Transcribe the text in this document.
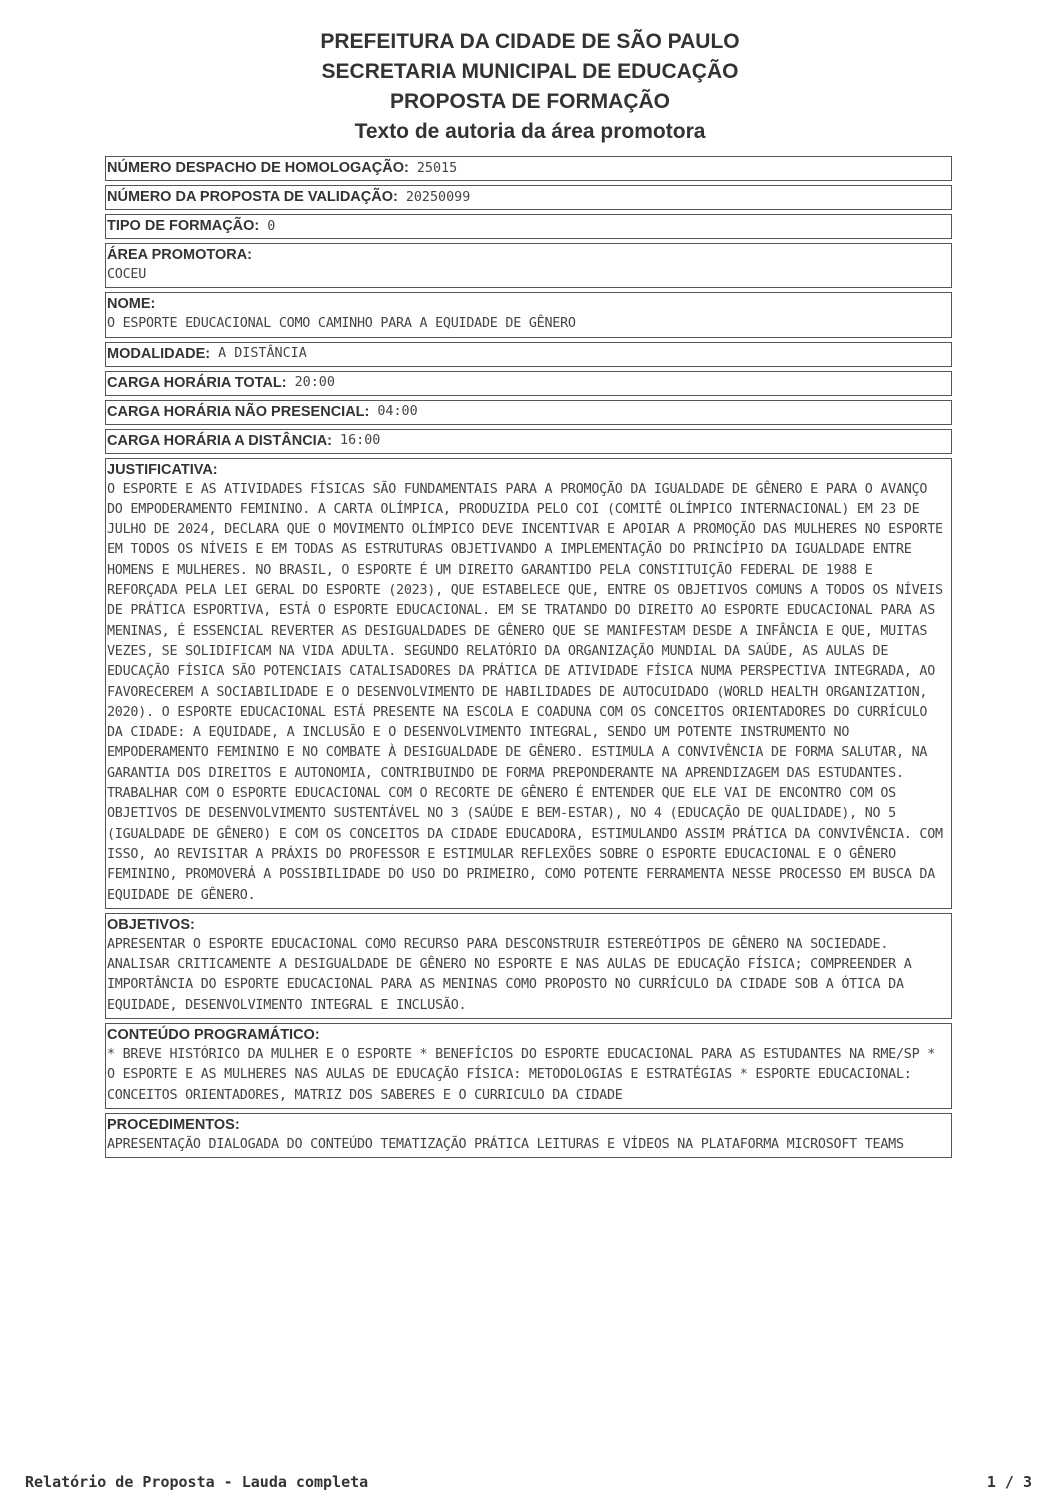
PREFEITURA DA CIDADE DE SÃO PAULO
SECRETARIA MUNICIPAL DE EDUCAÇÃO
PROPOSTA DE FORMAÇÃO
Texto de autoria da área promotora
NÚMERO DESPACHO DE HOMOLOGAÇÃO: 25015
NÚMERO DA PROPOSTA DE VALIDAÇÃO: 20250099
TIPO DE FORMAÇÃO: 0
ÁREA PROMOTORA:
COCEU
NOME:
O ESPORTE EDUCACIONAL COMO CAMINHO PARA A EQUIDADE DE GÊNERO
MODALIDADE: A DISTÂNCIA
CARGA HORÁRIA TOTAL: 20:00
CARGA HORÁRIA NÃO PRESENCIAL: 04:00
CARGA HORÁRIA A DISTÂNCIA: 16:00
JUSTIFICATIVA:
O ESPORTE E AS ATIVIDADES FÍSICAS SÃO FUNDAMENTAIS PARA A PROMOÇÃO DA IGUALDADE DE GÊNERO E PARA O AVANÇO DO EMPODERAMENTO FEMININO. A CARTA OLÍMPICA, PRODUZIDA PELO COI (COMITÊ OLÍMPICO INTERNACIONAL) EM 23 DE JULHO DE 2024, DECLARA QUE O MOVIMENTO OLÍMPICO DEVE INCENTIVAR E APOIAR A PROMOÇÃO DAS MULHERES NO ESPORTE EM TODOS OS NÍVEIS E EM TODAS AS ESTRUTURAS OBJETIVANDO A IMPLEMENTAÇÃO DO PRINCÍPIO DA IGUALDADE ENTRE HOMENS E MULHERES. NO BRASIL, O ESPORTE É UM DIREITO GARANTIDO PELA CONSTITUIÇÃO FEDERAL DE 1988 E REFORÇADA PELA LEI GERAL DO ESPORTE (2023), QUE ESTABELECE QUE, ENTRE OS OBJETIVOS COMUNS A TODOS OS NÍVEIS DE PRÁTICA ESPORTIVA, ESTÁ O ESPORTE EDUCACIONAL. EM SE TRATANDO DO DIREITO AO ESPORTE EDUCACIONAL PARA AS MENINAS, É ESSENCIAL REVERTER AS DESIGUALDADES DE GÊNERO QUE SE MANIFESTAM DESDE A INFÂNCIA E QUE, MUITAS VEZES, SE SOLIDIFICAM NA VIDA ADULTA. SEGUNDO RELATÓRIO DA ORGANIZAÇÃO MUNDIAL DA SAÚDE, AS AULAS DE EDUCAÇÃO FÍSICA SÃO POTENCIAIS CATALISADORES DA PRÁTICA DE ATIVIDADE FÍSICA NUMA PERSPECTIVA INTEGRADA, AO FAVORECEREM A SOCIABILIDADE E O DESENVOLVIMENTO DE HABILIDADES DE AUTOCUIDADO (WORLD HEALTH ORGANIZATION, 2020). O ESPORTE EDUCACIONAL ESTÁ PRESENTE NA ESCOLA E COADUNA COM OS CONCEITOS ORIENTADORES DO CURRÍCULO DA CIDADE: A EQUIDADE, A INCLUSÃO E O DESENVOLVIMENTO INTEGRAL, SENDO UM POTENTE INSTRUMENTO NO EMPODERAMENTO FEMININO E NO COMBATE À DESIGUALDADE DE GÊNERO. ESTIMULA A CONVIVÊNCIA DE FORMA SALUTAR, NA GARANTIA DOS DIREITOS E AUTONOMIA, CONTRIBUINDO DE FORMA PREPONDERANTE NA APRENDIZAGEM DAS ESTUDANTES. TRABALHAR COM O ESPORTE EDUCACIONAL COM O RECORTE DE GÊNERO É ENTENDER QUE ELE VAI DE ENCONTRO COM OS OBJETIVOS DE DESENVOLVIMENTO SUSTENTÁVEL NO 3 (SAÚDE E BEM-ESTAR), NO 4 (EDUCAÇÃO DE QUALIDADE), NO 5 (IGUALDADE DE GÊNERO) E COM OS CONCEITOS DA CIDADE EDUCADORA, ESTIMULANDO ASSIM PRÁTICA DA CONVIVÊNCIA. COM ISSO, AO REVISITAR A PRÁXIS DO PROFESSOR E ESTIMULAR REFLEXÕES SOBRE O ESPORTE EDUCACIONAL E O GÊNERO FEMININO, PROMOVERÁ A POSSIBILIDADE DO USO DO PRIMEIRO, COMO POTENTE FERRAMENTA NESSE PROCESSO EM BUSCA DA EQUIDADE DE GÊNERO.
OBJETIVOS:
APRESENTAR O ESPORTE EDUCACIONAL COMO RECURSO PARA DESCONSTRUIR ESTEREÓTIPOS DE GÊNERO NA SOCIEDADE. ANALISAR CRITICAMENTE A DESIGUALDADE DE GÊNERO NO ESPORTE E NAS AULAS DE EDUCAÇÃO FÍSICA; COMPREENDER A IMPORTÂNCIA DO ESPORTE EDUCACIONAL PARA AS MENINAS COMO PROPOSTO NO CURRÍCULO DA CIDADE SOB A ÓTICA DA EQUIDADE, DESENVOLVIMENTO INTEGRAL E INCLUSÃO.
CONTEÚDO PROGRAMÁTICO:
* BREVE HISTÓRICO DA MULHER E O ESPORTE * BENEFÍCIOS DO ESPORTE EDUCACIONAL PARA AS ESTUDANTES NA RME/SP * O ESPORTE E AS MULHERES NAS AULAS DE EDUCAÇÃO FÍSICA: METODOLOGIAS E ESTRATÉGIAS * ESPORTE EDUCACIONAL: CONCEITOS ORIENTADORES, MATRIZ DOS SABERES E O CURRICULO DA CIDADE
PROCEDIMENTOS:
APRESENTAÇÃO DIALOGADA DO CONTEÚDO TEMATIZAÇÃO PRÁTICA LEITURAS E VÍDEOS NA PLATAFORMA MICROSOFT TEAMS
Relatório de Proposta - Lauda completa	1 / 3
